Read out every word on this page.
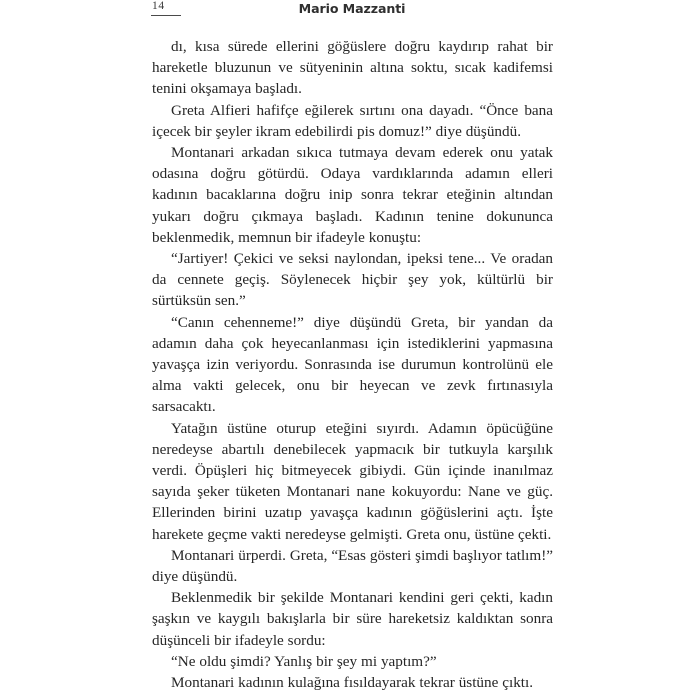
14	Mario Mazzanti

dı, kısa sürede ellerini göğüslere doğru kaydırıp rahat bir hareketle bluzunun ve sütyeninin altına soktu, sıcak kadifemsi tenini okşamaya başladı.

Greta Alfieri hafifçe eğilerek sırtını ona dayadı. “Önce bana içecek bir şeyler ikram edebilirdi pis domuz!” diye düşündü.

Montanari arkadan sıkıca tutmaya devam ederek onu yatak odasına doğru götürdü. Odaya vardıklarında adamın elleri kadının bacaklarına doğru inip sonra tekrar eteğinin altından yukarı doğru çıkmaya başladı. Kadının tenine dokununca beklenmedik, memnun bir ifadeyle konuştu:

“Jartiyer! Çekici ve seksi naylondan, ipeksi tene... Ve oradan da cennete geçiş. Söylenecek hiçbir şey yok, kültürlü bir sürtüksün sen.”

“Canın cehenneme!” diye düşündü Greta, bir yandan da adamın daha çok heyecanlanması için istediklerini yapmasına yavaşça izin veriyordu. Sonrasında ise durumun kontrolünü ele alma vakti gelecek, onu bir heyecan ve zevk fırtınasıyla sarsacaktı.

Yatağın üstüne oturup eteğini sıyırdı. Adamın öpücüğüne neredeyse abartılı denebilecek yapmacık bir tutkuyla karşılık verdi. Öpüşleri hiç bitmeyecek gibiydi. Gün içinde inanılmaz sayıda şeker tüketen Montanari nane kokuyordu: Nane ve güç. Ellerinden birini uzatıp yavaşça kadının göğüslerini açtı. İşte harekete geçme vakti neredeyse gelmişti. Greta onu, üstüne çekti.

Montanari ürperdi. Greta, “Esas gösteri şimdi başlıyor tatlım!” diye düşündü.

Beklenmedik bir şekilde Montanari kendini geri çekti, kadın şaşkın ve kaygılı bakışlarla bir süre hareketsiz kaldıktan sonra düşünceli bir ifadeyle sordu:

“Ne oldu şimdi? Yanlış bir şey mi yaptım?”

Montanari kadının kulağına fısıldayarak tekrar üstüne çıktı.
